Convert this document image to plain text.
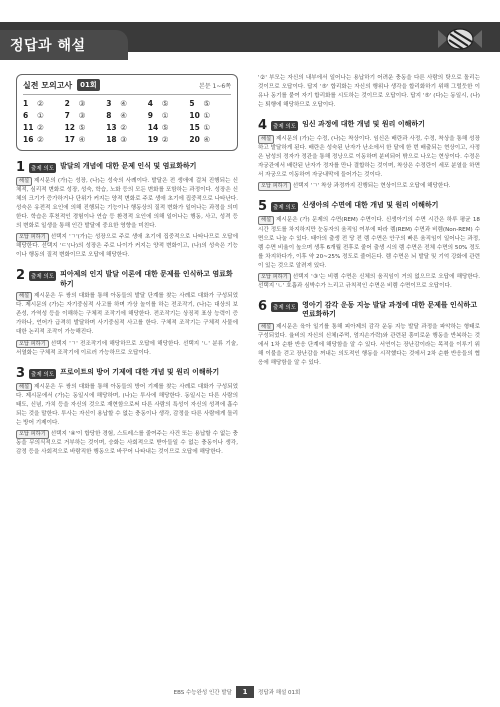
정답과 해설
실전 모의고사	01회	본문 1~6쪽
1	②	2	③	3	④	4	⑤	5	⑤
6	①	7	③	8	④	9	①	10 ①
11 ②	12 ⑤	13 ②	14 ⑤	15 ①
16 ②	17 ④	18 ③	19 ②	20 ④
1	출제 의도 발달의 개념에 대한 문제 인식 및 염료화하기
해설 제시문의 (가)는 성장, (나)는 성숙의 사례이다. 발달은 전 생애에 걸쳐 진행되는 신체적, 심리적 변화로 성장, 성숙, 학습, 노화 등의 모든 변화를 포함하는 과정이다. 성장은 신체의 크기가 증가하거나 단위가 커지는 양적 변화로 주로 생애 초기에 집중적으로 나타난다. 성숙은 유전적 요인에 의해 진행되는 기능이나 행동상의 질적 변화가 일어나는 과정을 의미한다. 학습은 후천적인 경험이나 연습 등 환경적 요인에 의해 일어나는 행동, 사고, 성격 등의 변화로 일생을 통해 인간 발달에 중요한 영향을 미친다.
오답 피하기 선택지 'ㄱ'(가)는 성장으로 주로 생애 초기에 집중적으로 나타나므로 오답에 해당한다. 선택지 'ㄷ'(나)의 성장은 주로 나이가 커지는 양적 변화이고, (나)의 성숙은 기능이나 행동의 질적 변화이므로 오답에 해당한다.
2	출제 의도 피아제의 인지 발달 이론에 대한 문제를 인식하고 염료화하기
해설 제시문은 두 쌍의 대화를 통해 아동들의 발달 단계를 찾는 사례로 대화가 구성되었다. 제시문의 (가)는 자기중심적 사고를 하며 가상 놀이를 하는 전조작기, (나)는 대상의 보존성, 가역성 등을 이해하는 구체적 조작기에 해당한다. 전조작기는 상징적 표상 능력이 증가하나, 언어가 급격히 발달하며 사기중심적 사고를 한다. 구체적 조작기는 구체적 사물에 대한 논리적 조작이 가능해진다.
오답 피하기 선택지 'ㄱ' 전조작기에 해당하므로 오답에 해당한다. 선택지 'ㄴ' 분류 기술, 서열화는 구체적 조작기에 이르러 가능하므로 오답이다.
3	출제 의도 프로이트의 방어 기제에 대한 개념 및 원리 이해하기
해설 제시문은 두 쌍의 대화를 통해 아동들의 방어 기제를 찾는 사례로 대화가 구성되었다. 제시문에서 (가)는 동일시에 해당하며, (나)는 투사에 해당한다. 동일시는 다른 사람의 태도, 신념, 가치 등을 자신의 것으로 재현함으로써 다른 사람의 특성이 자신의 성격에 흡수되는 것을 말한다. 투사는 자신이 용납할 수 없는 충동이나 생각, 감정을 다른 사람에게 돌리는 방어 기제이다.
오답 피하기 선택지 '④'이 합당한 경험, 스트레스를 줄여주는 사건 또는 용납할 수 없는 충동을 무의식적으로 거부하는 것이며, 승화는 사회적으로 받아들일 수 없는 충동이나 생각, 감정 등을 사회적으로 바람직한 행동으로 바꾸어 나타내는 것이므로 오답에 해당한다.
'②' 부모는 자신의 내부에서 일어나는 용납하기 어려운 충동을 다른 사람의 탓으로 돌리는 것이므로 오답이다. 답지 '⑤' 합리화는 자신의 행위나 생각을 합리화하기 위해 그럴듯한 이유나 동기를 붙여 자기 합리화를 시도하는 것이므로 오답이다. 답지 '⑤' (다)는 동일시, (나)는 퇴행에 해당하므로 오답이다.
4	출제 의도 임신 과정에 대한 개념 및 원리 이해하기
해설 제시문의 (가)는 수정, (나)는 착상이다. 임신은 배란과 사정, 수정, 착상을 통해 성장하고 발달하게 된다. 배란은 성숙된 난자가 난소에서 한 달에 한 번 배출되는 현상이고, 사정은 남성의 정자가 정관을 통해 정낭으로 이동하며 분비되어 밖으로 나오는 현상이다. 수정은 자궁관에서 배란된 난자가 정자를 만나 결합하는 것이며, 착상은 수정란이 세포 분열을 하면서 자궁으로 이동하여 자궁내막에 들어가는 것이다.
오답 피하기 선택지 'ㄱ' 착상 과정까지 진행되는 현상이므로 오답에 해당한다.
5	출제 의도 신생아의 수면에 대한 개념 및 원리 이해하기
해설 제시문은 (가) 문제의 수면(REM) 수면이다. 신생아기의 수면 시간은 하루 평균 18시간 정도를 차지하지만 눈동자의 움직임 여부에 따라 렘(REM) 수면과 비렘(Non-REM) 수면으로 나눌 수 있다. 태아의 출생 전 당 전 렘 수면은 안구의 빠른 움직임이 일어나는 과정, 렘 수면 비율이 높으며 생후 6개월 전후로 줄어 출생 시의 렘 수면은 전체 수면의 50% 정도를 차지하다가, 이후 약 20~25% 정도로 줄어든다. 렘 수면은 뇌 발달 및 기억 강화에 관련이 있는 것으로 알려져 있다.
오답 피하기 선택지 '③'는 비렘 수면은 신체의 움직임이 거의 없으므로 오답에 해당한다. 선택지 'ㄴ' 호흡과 심박수가 느리고 규칙적인 수면은 비렘 수면이므로 오답이다.
6	출제 의도 영아기 감각 운동 지능 발달 과정에 대한 문제를 인식하고 연료화하기
해설 제시문은 육아 일기를 통해 피아제의 감각 운동 지능 발달 과정을 파악하는 형태로 구성되었다. 율비의 자신의 신체(주먹, 엄지손가락)와 관련된 흥미로운 행동을 반복하는 것에서 1차 순환 반응 단계에 해당함을 알 수 있다. 서연이는 장난감이라는 목적을 이루기 위해 이불을 걷고 장난감을 꺼내는 의도적인 행동을 시작했다는 것에서 2차 순환 반응들의 협응에 해당함을 알 수 있다.
EBS 수능완성 인간 발달	1	정답과 해설 01회
